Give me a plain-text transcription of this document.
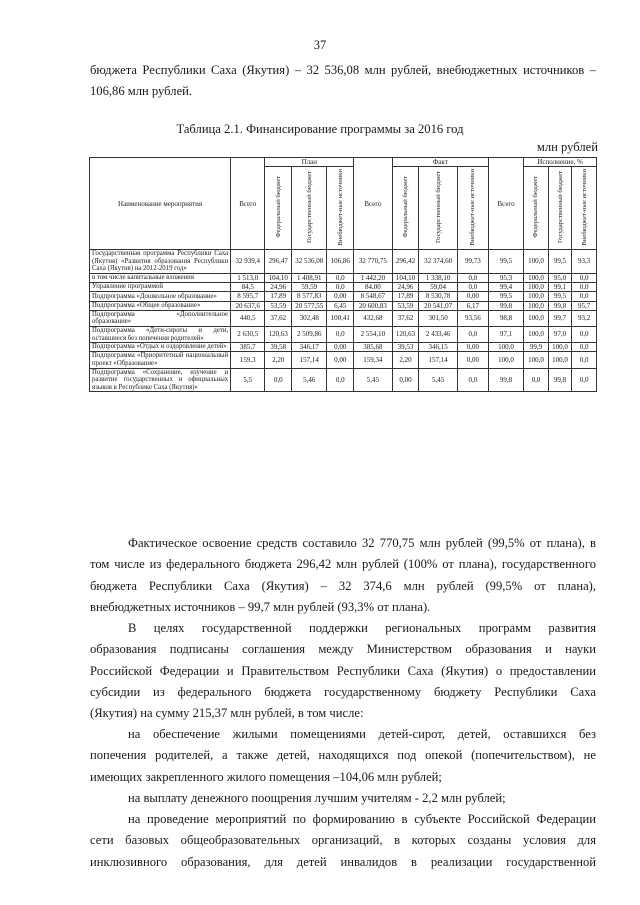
37
бюджета Республики Саха (Якутия) – 32 536,08 млн рублей, внебюджетных источников –
106,86 млн рублей.
Таблица 2.1. Финансирование программы за 2016 год
млн рублей
Наименование мероприятия	Всего	План			Всего	Факт			Всего	Исполнение, %		
		Федеральный бюджет	Государственный бюджет	Внебюджет-ные источники		Федеральный бюджет	Государственный бюджет	Внебюджет-ные источники		Федеральный бюджет	Государственный бюджет	Внебюджет-ные источники
Государственная программа Республики Саха (Якутия) «Развития образования Республики Саха (Якутия) на 2012-2019 год»	32 939,4	296,47	32 536,08	106,86	32 770,75	296,42	32 374,60	99,73	99,5	100,0	99,5	93,3
в том числе капитальные вложения	1 513,0	104,10	1 408,91	0,0	1 442,20	104,10	1 338,10	0,0	95,3	100,0	95,0	0,0
Управление программой	84,5	24,96	59,59	0,0	84,00	24,96	59,04	0,0	99,4	100,0	99,1	0,0
Подпрограмма «Дошкольное образование»	8 595,7	17,89	8 577,83	0,00	8 548,67	17,89	8 530,78	0,00	99,5	100,0	99,5	0,0
Подпрограмма «Общее образование»	20 637,6	53,59	20 577,55	6,45	20 600,83	53,59	20 541,07	6,17	99,8	100,0	99,8	95,7
Подпрограмма «Дополнительное образование»	440,5	37,62	302,48	100,41	432,68	37,62	301,50	93,56	98,8	100,0	99,7	93,2
Подпрограмма «Дети-сироты и дети, оставшиеся без попечения родителей»	2 630,5	120,63	2 509,86	0,0	2 554,10	120,63	2 433,46	0,0	97,1	100,0	97,0	0,0
Подпрограмма «Отдых и оздоровление детей»	385,7	39,58	346,17	0,00	385,68	39,53	346,15	0,00	100,0	99,9	100,0	0,0
Подпрограмма «Приоритетный национальный проект «Образование»	159,3	2,20	157,14	0,00	159,34	2,20	157,14	0,00	100,0	100,0	100,0	0,0
Подпрограмма «Сохранение, изучение и развитие государственных и официальных языков в Республике Саха (Якутия)»	5,5	0,0	5,46	0,0	5,45	0,00	5,45	0,0	99,8	0,0	99,8	0,0
Фактическое освоение средств составило 32 770,75 млн рублей (99,5% от плана), в
том числе из федерального бюджета 296,42 млн рублей (100% от плана), государственного
бюджета Республики Саха (Якутия) – 32 374,6 млн рублей (99,5% от плана),
внебюджетных источников – 99,7 млн рублей (93,3% от плана).
В целях государственной поддержки региональных программ развития
образования подписаны соглашения между Министерством образования и науки
Российской Федерации и Правительством Республики Саха (Якутия) о предоставлении
субсидии из федерального бюджета государственному бюджету Республики Саха
(Якутия) на сумму 215,37 млн рублей, в том числе:
на обеспечение жилыми помещениями детей-сирот, детей, оставшихся без
попечения родителей, а также детей, находящихся под опекой (попечительством), не
имеющих закрепленного жилого помещения –104,06 млн рублей;
на выплату денежного поощрения лучшим учителям - 2,2 млн рублей;
на проведение мероприятий по формированию в субъекте Российской Федерации
сети базовых общеобразовательных организаций, в которых созданы условия для
инклюзивного образования, для детей инвалидов в реализации государственной
